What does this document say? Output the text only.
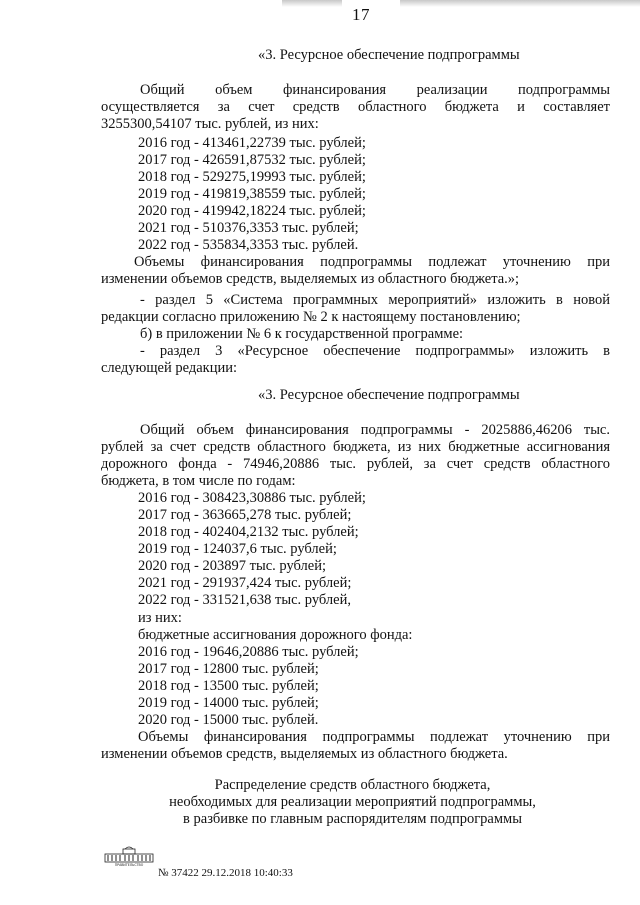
17
«3. Ресурсное обеспечение подпрограммы
Общий объем финансирования реализации подпрограммы
осуществляется за счет средств областного бюджета и составляет
3255300,54107 тыс. рублей, из них:
2016 год - 413461,22739 тыс. рублей;
2017 год - 426591,87532 тыс. рублей;
2018 год - 529275,19993 тыс. рублей;
2019 год - 419819,38559 тыс. рублей;
2020 год - 419942,18224 тыс. рублей;
2021 год - 510376,3353 тыс. рублей;
2022 год - 535834,3353 тыс. рублей.
Объемы финансирования подпрограммы подлежат уточнению при
изменении объемов средств, выделяемых из областного бюджета.»;
- раздел 5 «Система программных мероприятий» изложить в новой
редакции согласно приложению № 2 к настоящему постановлению;
б) в приложении № 6 к государственной программе:
- раздел 3 «Ресурсное обеспечение подпрограммы» изложить в
следующей редакции:
«3. Ресурсное обеспечение подпрограммы
Общий объем финансирования подпрограммы - 2025886,46206 тыс.
рублей за счет средств областного бюджета, из них бюджетные ассигнования
дорожного фонда - 74946,20886 тыс. рублей, за счет средств областного
бюджета, в том числе по годам:
2016 год - 308423,30886 тыс. рублей;
2017 год - 363665,278 тыс. рублей;
2018 год - 402404,2132 тыс. рублей;
2019 год - 124037,6 тыс. рублей;
2020 год - 203897 тыс. рублей;
2021 год - 291937,424 тыс. рублей;
2022 год - 331521,638 тыс. рублей,
из них:
бюджетные ассигнования дорожного фонда:
2016 год - 19646,20886 тыс. рублей;
2017 год - 12800 тыс. рублей;
2018 год - 13500 тыс. рублей;
2019 год - 14000 тыс. рублей;
2020 год - 15000 тыс. рублей.
Объемы финансирования подпрограммы подлежат уточнению при
изменении объемов средств, выделяемых из областного бюджета.
Распределение средств областного бюджета,
необходимых для реализации мероприятий подпрограммы,
в разбивке по главным распорядителям подпрограммы
ПРАВИТЕЛЬСТВО
№ 37422 29.12.2018 10:40:33
